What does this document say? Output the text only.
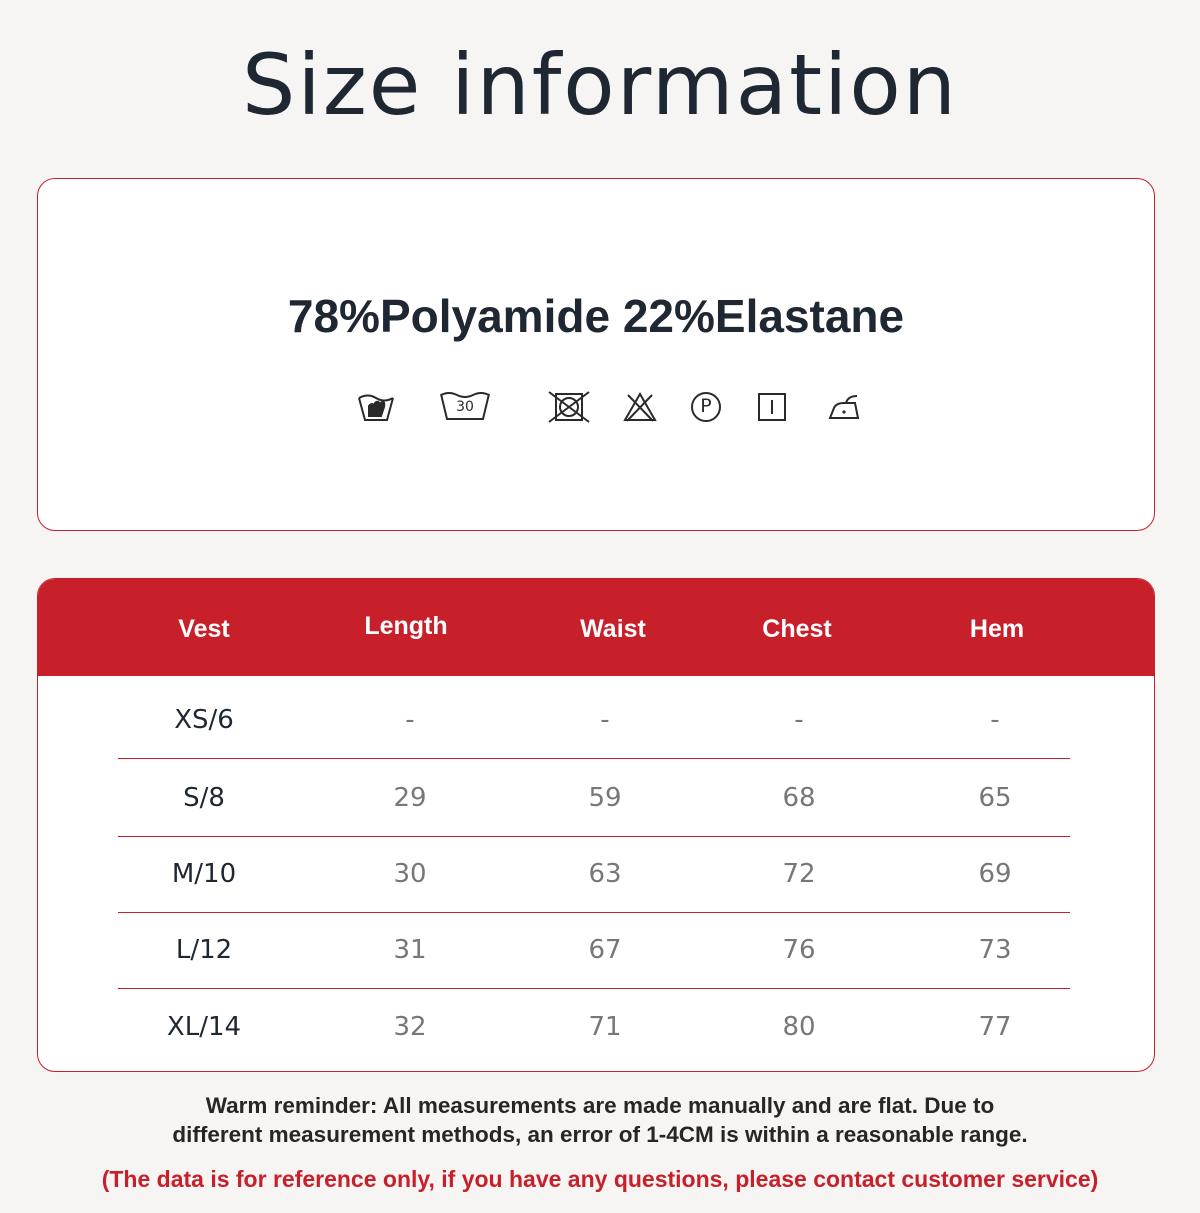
Size information
78%Polyamide 22%Elastane
30	P
Vest	Length	Waist	Chest	Hem
XS/6	-	-	-	-
S/8	29	59	68	65
M/10	30	63	72	69
L/12	31	67	76	73
XL/14	32	71	80	77
Warm reminder: All measurements are made manually and are flat. Due to
different measurement methods, an error of 1-4CM is within a reasonable range.
(The data is for reference only, if you have any questions, please contact customer service)
